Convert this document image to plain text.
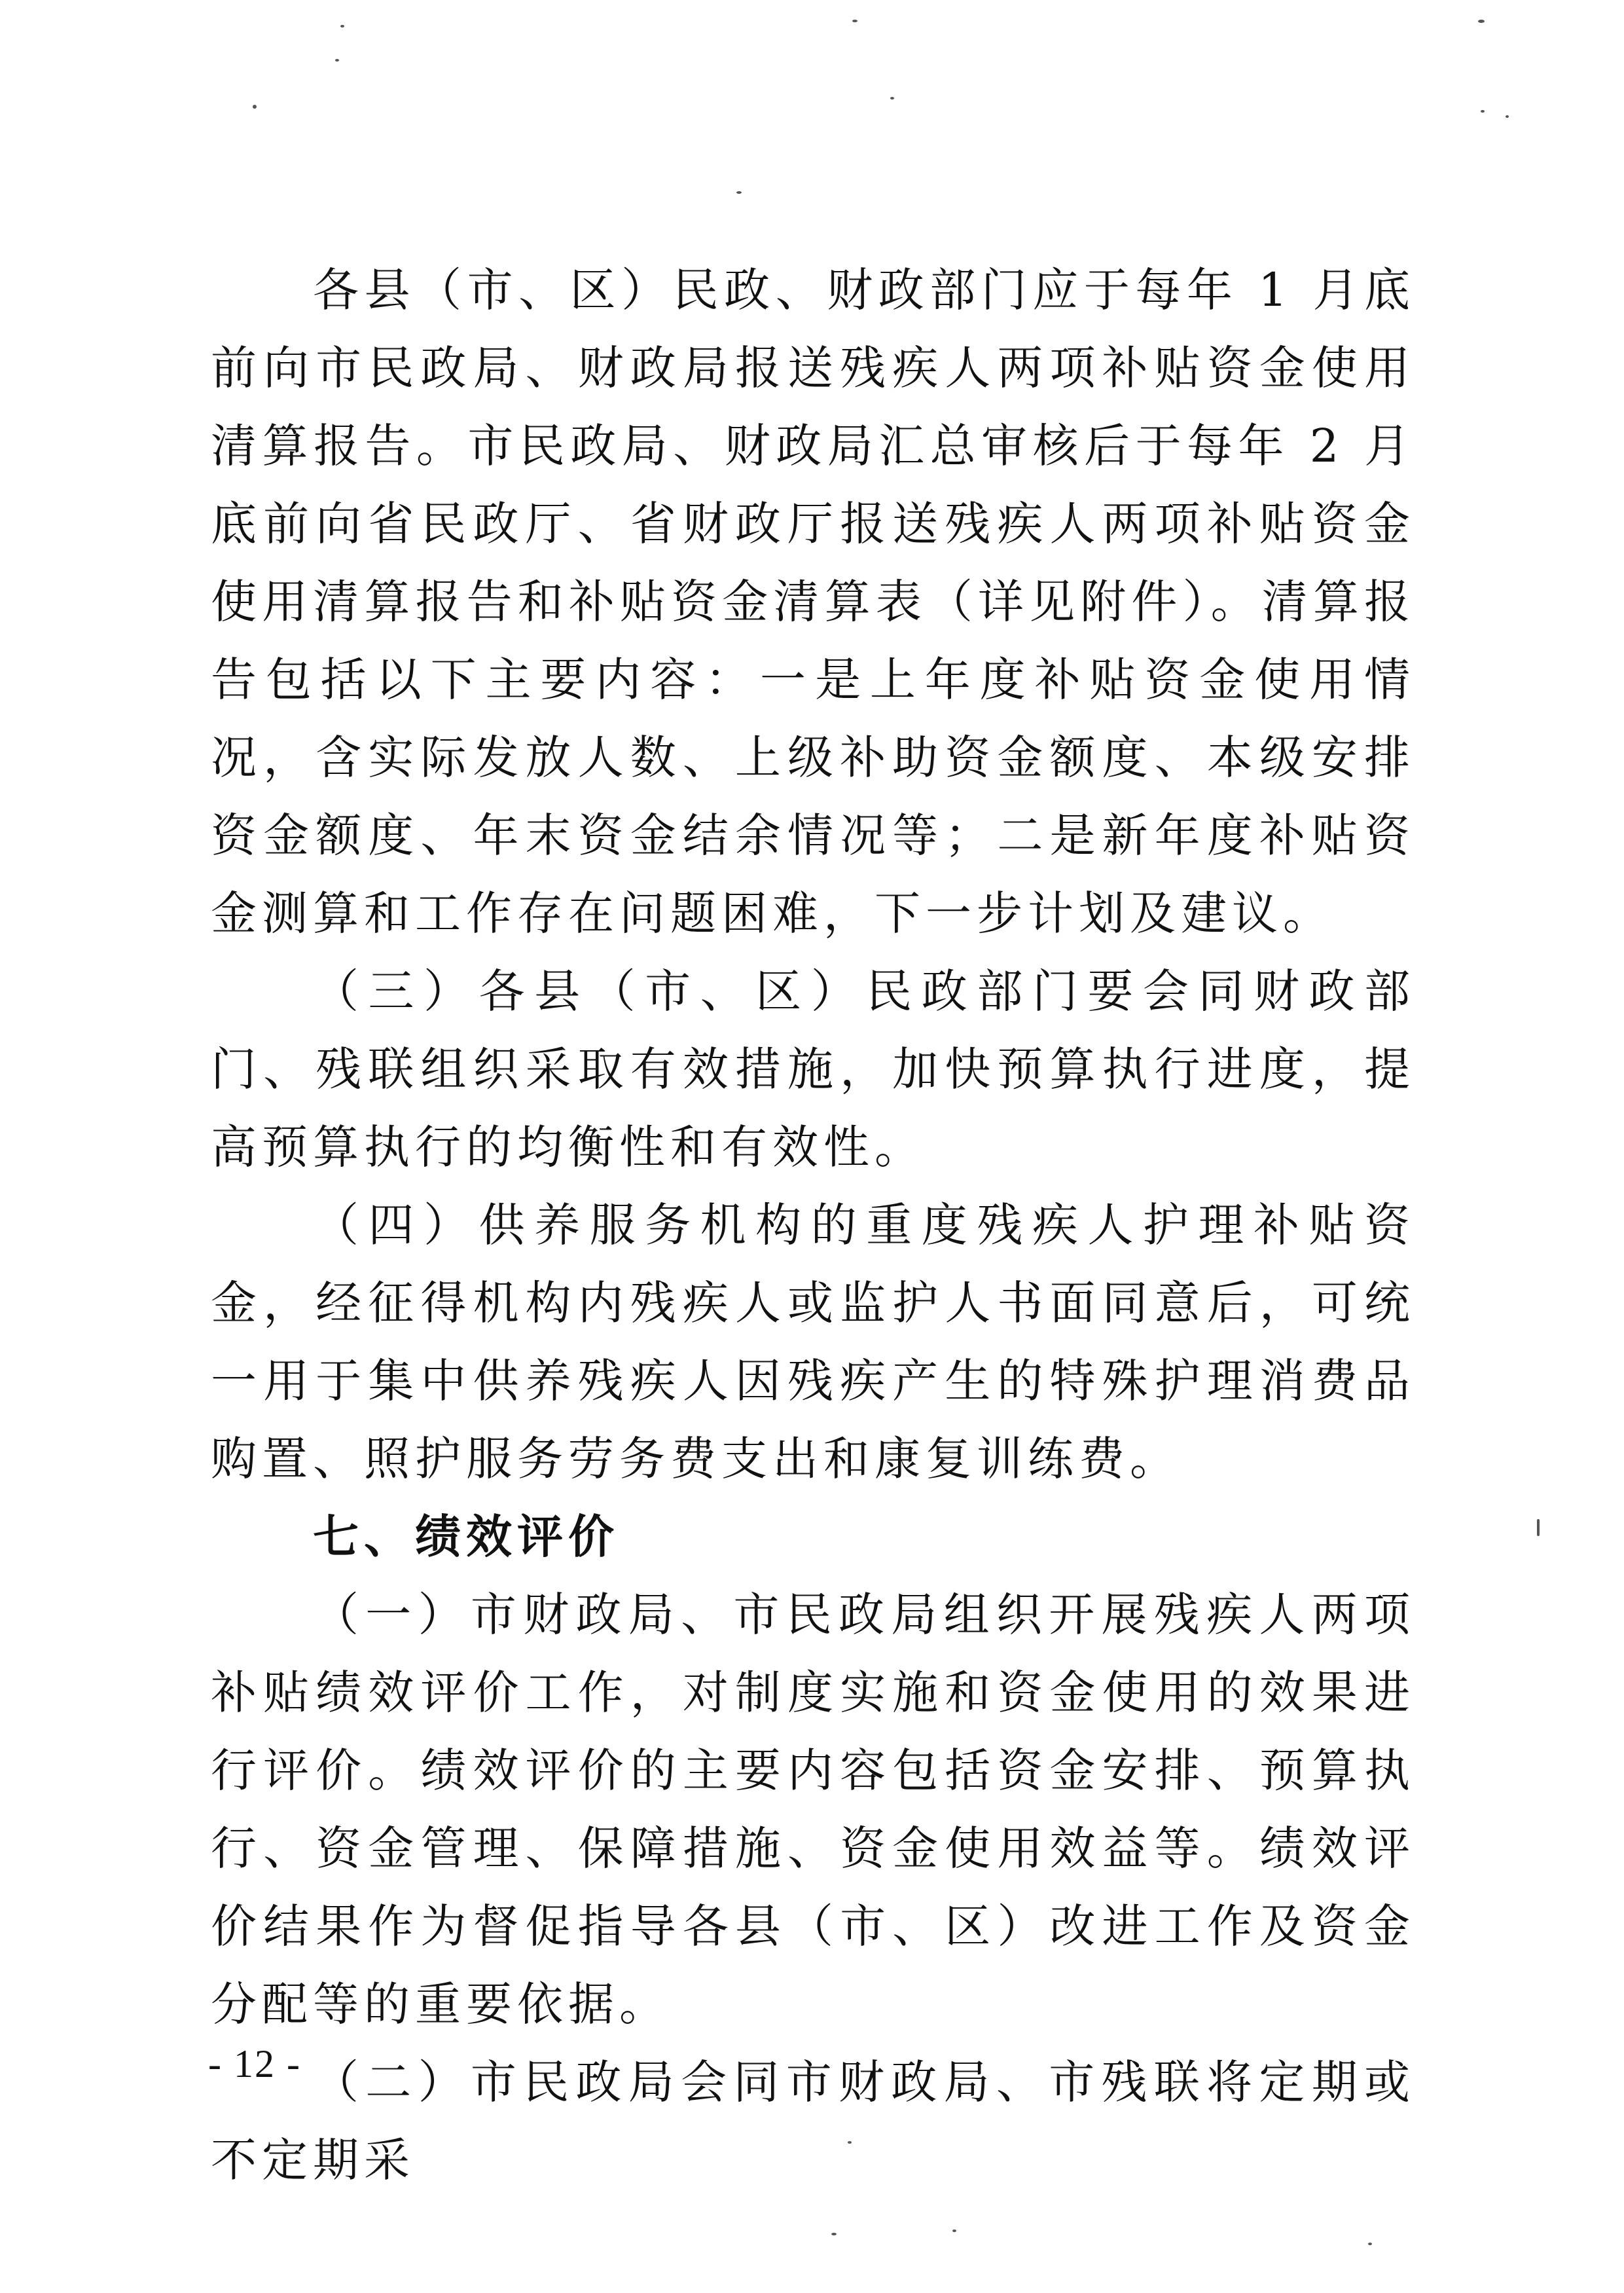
各县（市、区）民政、财政部门应于每年 1 月底前向市民政局、财政局报送残疾人两项补贴资金使用清算报告。市民政局、财政局汇总审核后于每年 2 月底前向省民政厅、省财政厅报送残疾人两项补贴资金使用清算报告和补贴资金清算表（详见附件）。清算报告包括以下主要内容：一是上年度补贴资金使用情况，含实际发放人数、上级补助资金额度、本级安排资金额度、年末资金结余情况等；二是新年度补贴资金测算和工作存在问题困难，下一步计划及建议。

（三）各县（市、区）民政部门要会同财政部门、残联组织采取有效措施，加快预算执行进度，提高预算执行的均衡性和有效性。

（四）供养服务机构的重度残疾人护理补贴资金，经征得机构内残疾人或监护人书面同意后，可统一用于集中供养残疾人因残疾产生的特殊护理消费品购置、照护服务劳务费支出和康复训练费。

七、绩效评价

（一）市财政局、市民政局组织开展残疾人两项补贴绩效评价工作，对制度实施和资金使用的效果进行评价。绩效评价的主要内容包括资金安排、预算执行、资金管理、保障措施、资金使用效益等。绩效评价结果作为督促指导各县（市、区）改进工作及资金分配等的重要依据。

（二）市民政局会同市财政局、市残联将定期或不定期采

- 12 -
